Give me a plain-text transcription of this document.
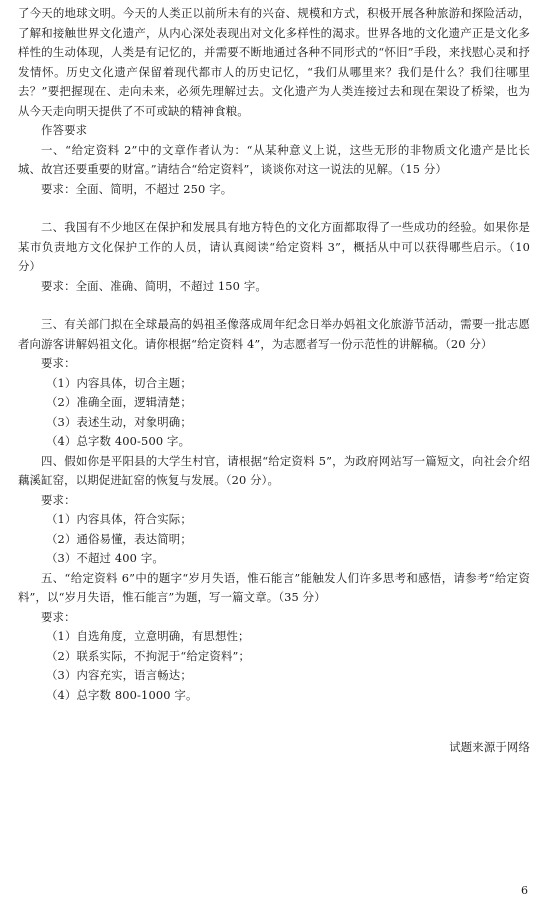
了今天的地球文明。今天的人类正以前所未有的兴奋、规模和方式，积极开展各种旅游和探险活动，了解和接触世界文化遗产，从内心深处表现出对文化多样性的渴求。世界各地的文化遗产正是文化多样性的生动体现，人类是有记忆的，并需要不断地通过各种不同形式的“怀旧”手段，来找慰心灵和抒发情怀。历史文化遗产保留着现代都市人的历史记忆，“我们从哪里来？我们是什么？我们往哪里去？”要把握现在、走向未来，必须先理解过去。文化遗产为人类连接过去和现在架设了桥梁，也为从今天走向明天提供了不可或缺的精神食粮。

作答要求

一、“给定资料 2”中的文章作者认为：“从某种意义上说，这些无形的非物质文化遗产是比长城、故宫还要重要的财富。”请结合“给定资料”，谈谈你对这一说法的见解。（15 分）

要求：全面、简明，不超过 250 字。

二、我国有不少地区在保护和发展具有地方特色的文化方面都取得了一些成功的经验。如果你是某市负责地方文化保护工作的人员，请认真阅读“给定资料 3”，概括从中可以获得哪些启示。（10 分）

要求：全面、准确、简明，不超过 150 字。

三、有关部门拟在全球最高的妈祖圣像落成周年纪念日举办妈祖文化旅游节活动，需要一批志愿者向游客讲解妈祖文化。请你根据“给定资料 4”，为志愿者写一份示范性的讲解稿。（20 分）

要求：

（1）内容具体，切合主题；

（2）准确全面，逻辑清楚；

（3）表述生动，对象明确；

（4）总字数 400-500 字。

四、假如你是平阳县的大学生村官，请根据“给定资料 5”，为政府网站写一篇短文，向社会介绍藕溪缸窑，以期促进缸窑的恢复与发展。（20 分）。

要求：

（1）内容具体，符合实际；

（2）通俗易懂，表达简明；

（3）不超过 400 字。

五、“给定资料 6”中的题字“岁月失语，惟石能言”能触发人们许多思考和感悟，请参考“给定资料”，以“岁月失语，惟石能言”为题，写一篇文章。（35 分）

要求：

（1）自选角度，立意明确，有思想性；

（2）联系实际，不拘泥于“给定资料”；

（3）内容充实，语言畅达；

（4）总字数 800-1000 字。

试题来源于网络

6
